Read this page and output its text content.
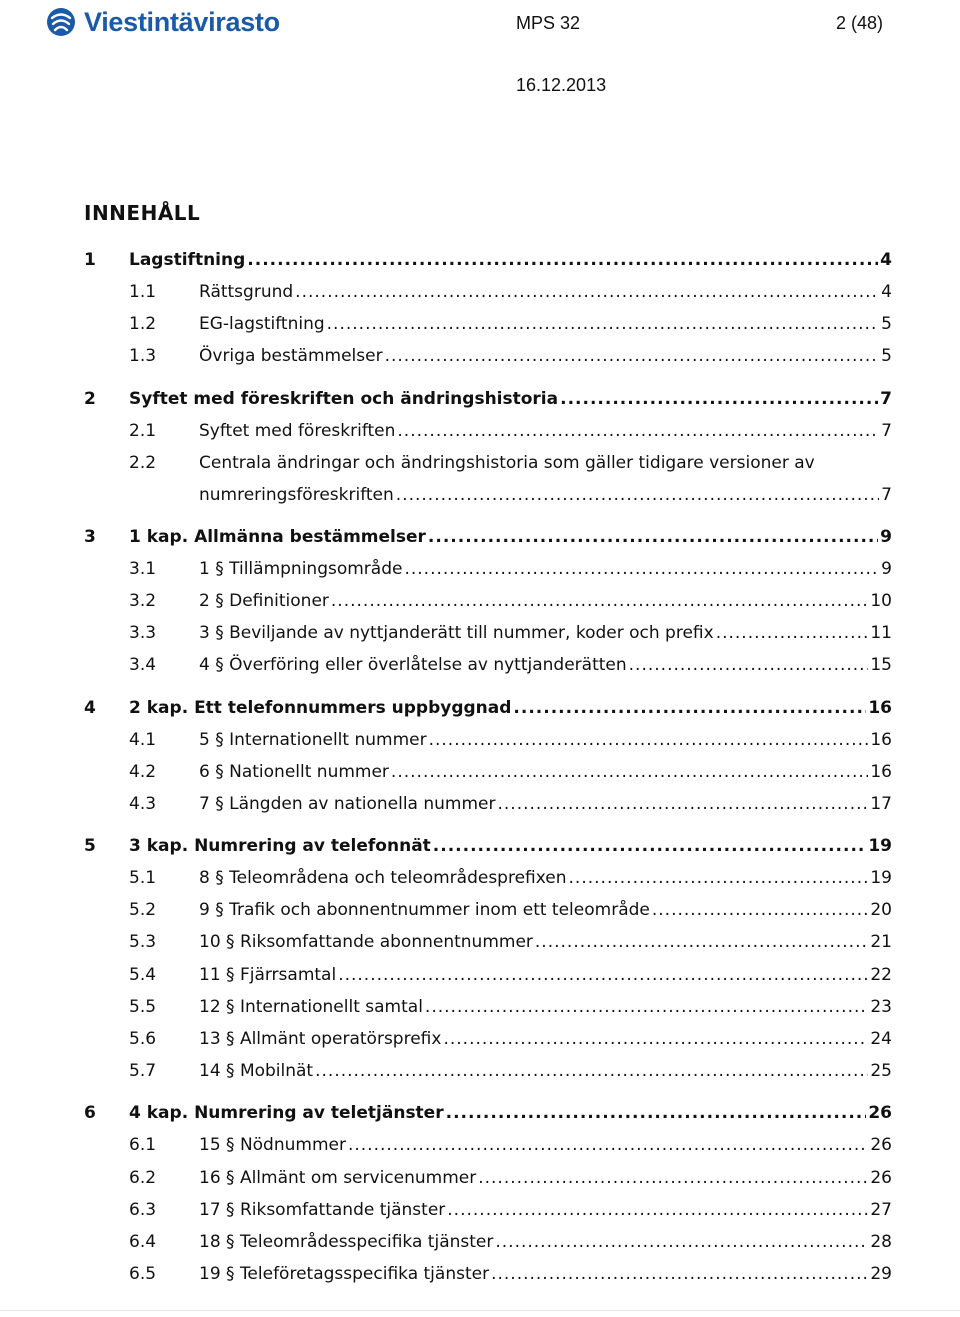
Viestintävirasto	MPS 32	2 (48)
16.12.2013
INNEHÅLL
1	Lagstiftning .....	4
1.1	Rättsgrund .....	4
1.2	EG-lagstiftning .....	5
1.3	Övriga bestämmelser .....	5
2	Syftet med föreskriften och ändringshistoria .....	7
2.1	Syftet med föreskriften .....	7
2.2	Centrala ändringar och ändringshistoria som gäller tidigare versioner av
numreringsföreskriften .....	7
3	1 kap. Allmänna bestämmelser .....	9
3.1	1 § Tillämpningsområde .....	9
3.2	2 § Definitioner .....	10
3.3	3 § Beviljande av nyttjanderätt till nummer, koder och prefix .....	11
3.4	4 § Överföring eller överlåtelse av nyttjanderätten .....	15
4	2 kap. Ett telefonnummers uppbyggnad .....	16
4.1	5 § Internationellt nummer .....	16
4.2	6 § Nationellt nummer .....	16
4.3	7 § Längden av nationella nummer .....	17
5	3 kap. Numrering av telefonnät .....	19
5.1	8 § Teleområdena och teleområdesprefixen .....	19
5.2	9 § Trafik och abonnentnummer inom ett teleområde .....	20
5.3	10 § Riksomfattande abonnentnummer .....	21
5.4	11 § Fjärrsamtal .....	22
5.5	12 § Internationellt samtal .....	23
5.6	13 § Allmänt operatörsprefix .....	24
5.7	14 § Mobilnät .....	25
6	4 kap. Numrering av teletjänster .....	26
6.1	15 § Nödnummer .....	26
6.2	16 § Allmänt om servicenummer .....	26
6.3	17 § Riksomfattande tjänster .....	27
6.4	18 § Teleområdesspecifika tjänster .....	28
6.5	19 § Teleföretagsspecifika tjänster .....	29
